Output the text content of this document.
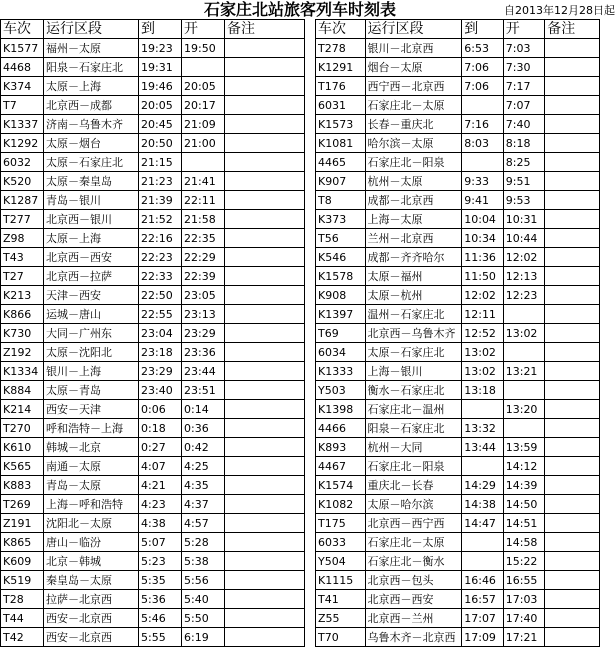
石家庄北站旅客列车时刻表	自2013年12月28日起
车次	运行区段	到	开	备注
K1577	福州－太原	19:23	19:50	
4468	阳泉－石家庄北	19:31		
K374	太原－上海	19:46	20:05	
T7	北京西－成都	20:05	20:17	
K1337	济南－乌鲁木齐	20:45	21:09	
K1292	太原－烟台	20:50	21:00	
6032	太原－石家庄北	21:15		
K520	太原－秦皇岛	21:23	21:41	
K1287	青岛－银川	21:39	22:11	
T277	北京西－银川	21:52	21:58	
Z98	太原－上海	22:16	22:35	
T43	北京西－西安	22:23	22:29	
T27	北京西－拉萨	22:33	22:39	
K213	天津－西安	22:50	23:05	
K866	运城－唐山	22:55	23:13	
K730	大同－广州东	23:04	23:29	
Z192	太原－沈阳北	23:18	23:36	
K1334	银川－上海	23:29	23:44	
K884	太原－青岛	23:40	23:51	
K214	西安－天津	0:06	0:14	
T270	呼和浩特－上海	0:18	0:36	
K610	韩城－北京	0:27	0:42	
K565	南通－太原	4:07	4:25	
K883	青岛－太原	4:21	4:35	
T269	上海－呼和浩特	4:23	4:37	
Z191	沈阳北－太原	4:38	4:57	
K865	唐山－临汾	5:07	5:28	
K609	北京－韩城	5:23	5:38	
K519	秦皇岛－太原	5:35	5:56	
T28	拉萨－北京西	5:36	5:40	
T44	西安－北京西	5:46	5:50	
T42	西安－北京西	5:55	6:19	
车次	运行区段	到	开	备注
T278	银川－北京西	6:53	7:03	
K1291	烟台－太原	7:06	7:30	
T176	西宁西－北京西	7:06	7:17	
6031	石家庄北－太原		7:07	
K1573	长春－重庆北	7:16	7:40	
K1081	哈尔滨－太原	8:03	8:18	
4465	石家庄北－阳泉		8:25	
K907	杭州－太原	9:33	9:51	
T8	成都－北京西	9:41	9:53	
K373	上海－太原	10:04	10:31	
T56	兰州－北京西	10:34	10:44	
K546	成都－齐齐哈尔	11:36	12:02	
K1578	太原－福州	11:50	12:13	
K908	太原－杭州	12:02	12:23	
K1397	温州－石家庄北	12:11		
T69	北京西－乌鲁木齐	12:52	13:02	
6034	太原－石家庄北	13:02		
K1333	上海－银川	13:02	13:21	
Y503	衡水－石家庄北	13:18		
K1398	石家庄北－温州		13:20	
4466	阳泉－石家庄北	13:32		
K893	杭州－大同	13:44	13:59	
4467	石家庄北－阳泉		14:12	
K1574	重庆北－长春	14:29	14:39	
K1082	太原－哈尔滨	14:38	14:50	
T175	北京西－西宁西	14:47	14:51	
6033	石家庄北－太原		14:58	
Y504	石家庄北－衡水		15:22	
K1115	北京西－包头	16:46	16:55	
T41	北京西－西安	16:57	17:03	
Z55	北京西－兰州	17:07	17:40	
T70	乌鲁木齐－北京西	17:09	17:21	
